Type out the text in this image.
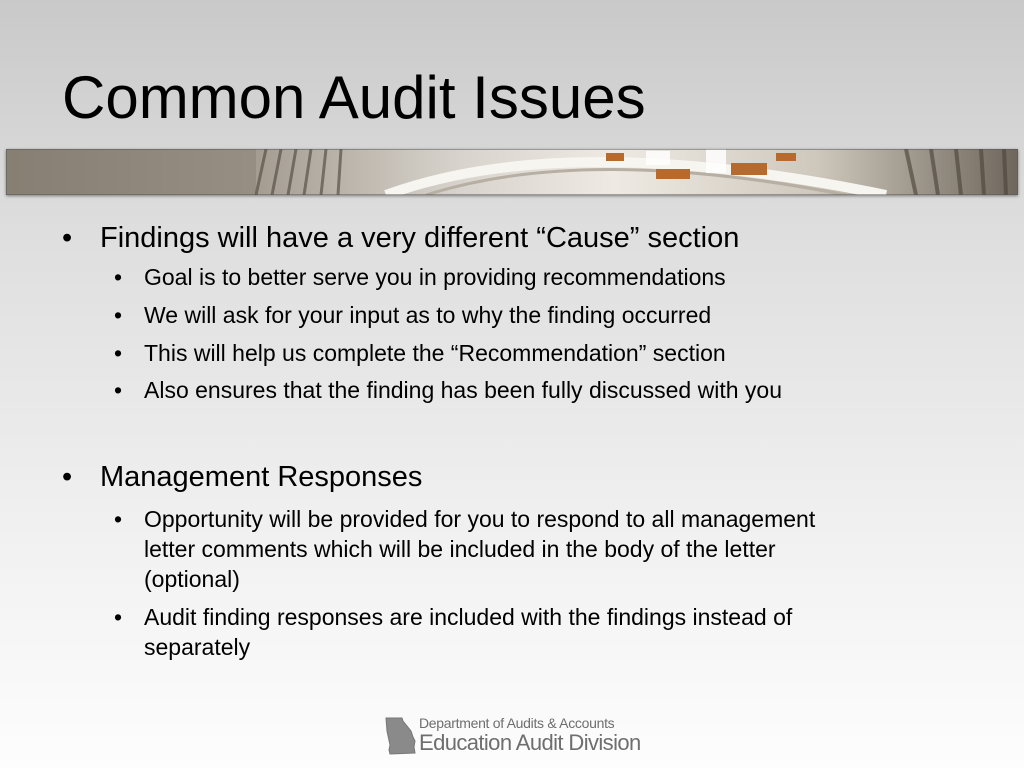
Common Audit Issues
• Findings will have a very different “Cause” section
• Goal is to better serve you in providing recommendations
• We will ask for your input as to why the finding occurred
• This will help us complete the “Recommendation” section
• Also ensures that the finding has been fully discussed with you
• Management Responses
• Opportunity will be provided for you to respond to all management
letter comments which will be included in the body of the letter
(optional)
• Audit finding responses are included with the findings instead of
separately
Department of Audits & Accounts
Education Audit Division
